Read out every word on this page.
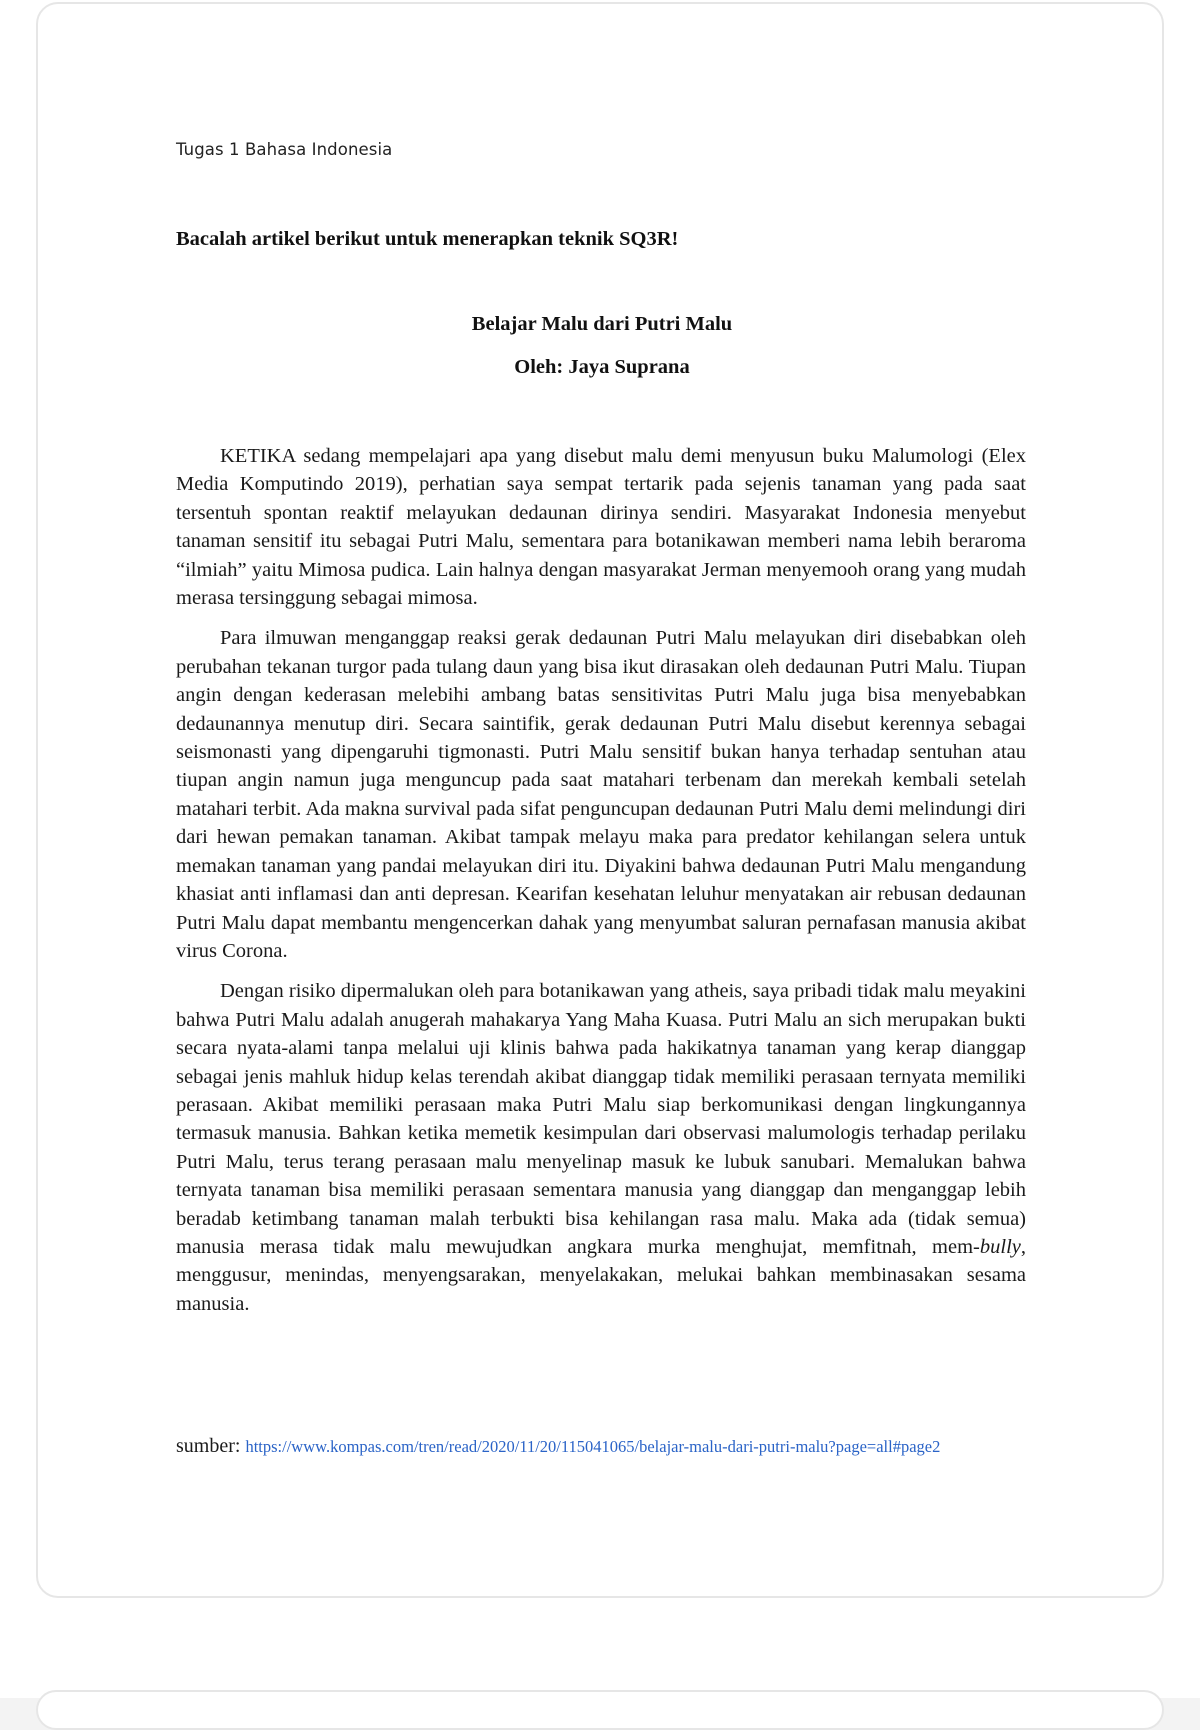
Tugas 1 Bahasa Indonesia
Bacalah artikel berikut untuk menerapkan teknik SQ3R!
Belajar Malu dari Putri Malu
Oleh: Jaya Suprana

KETIKA sedang mempelajari apa yang disebut malu demi menyusun buku Malumologi (Elex Media Komputindo 2019), perhatian saya sempat tertarik pada sejenis tanaman yang pada saat tersentuh spontan reaktif melayukan dedaunan dirinya sendiri. Masyarakat Indonesia menyebut tanaman sensitif itu sebagai Putri Malu, sementara para botanikawan memberi nama lebih beraroma “ilmiah” yaitu Mimosa pudica. Lain halnya dengan masyarakat Jerman menyemooh orang yang mudah merasa tersinggung sebagai mimosa.

Para ilmuwan menganggap reaksi gerak dedaunan Putri Malu melayukan diri disebabkan oleh perubahan tekanan turgor pada tulang daun yang bisa ikut dirasakan oleh dedaunan Putri Malu. Tiupan angin dengan kederasan melebihi ambang batas sensitivitas Putri Malu juga bisa menyebabkan dedaunannya menutup diri. Secara saintifik, gerak dedaunan Putri Malu disebut kerennya sebagai seismonasti yang dipengaruhi tigmonasti. Putri Malu sensitif bukan hanya terhadap sentuhan atau tiupan angin namun juga menguncup pada saat matahari terbenam dan merekah kembali setelah matahari terbit. Ada makna survival pada sifat penguncupan dedaunan Putri Malu demi melindungi diri dari hewan pemakan tanaman. Akibat tampak melayu maka para predator kehilangan selera untuk memakan tanaman yang pandai melayukan diri itu. Diyakini bahwa dedaunan Putri Malu mengandung khasiat anti inflamasi dan anti depresan. Kearifan kesehatan leluhur menyatakan air rebusan dedaunan Putri Malu dapat membantu mengencerkan dahak yang menyumbat saluran pernafasan manusia akibat virus Corona.

Dengan risiko dipermalukan oleh para botanikawan yang atheis, saya pribadi tidak malu meyakini bahwa Putri Malu adalah anugerah mahakarya Yang Maha Kuasa. Putri Malu an sich merupakan bukti secara nyata-alami tanpa melalui uji klinis bahwa pada hakikatnya tanaman yang kerap dianggap sebagai jenis mahluk hidup kelas terendah akibat dianggap tidak memiliki perasaan ternyata memiliki perasaan. Akibat memiliki perasaan maka Putri Malu siap berkomunikasi dengan lingkungannya termasuk manusia. Bahkan ketika memetik kesimpulan dari observasi malumologis terhadap perilaku Putri Malu, terus terang perasaan malu menyelinap masuk ke lubuk sanubari. Memalukan bahwa ternyata tanaman bisa memiliki perasaan sementara manusia yang dianggap dan menganggap lebih beradab ketimbang tanaman malah terbukti bisa kehilangan rasa malu. Maka ada (tidak semua) manusia merasa tidak malu mewujudkan angkara murka menghujat, memfitnah, mem-bully, menggusur, menindas, menyengsarakan, menyelakakan, melukai bahkan membinasakan sesama manusia.

sumber: https://www.kompas.com/tren/read/2020/11/20/115041065/belajar-malu-dari-putri-malu?page=all#page2
